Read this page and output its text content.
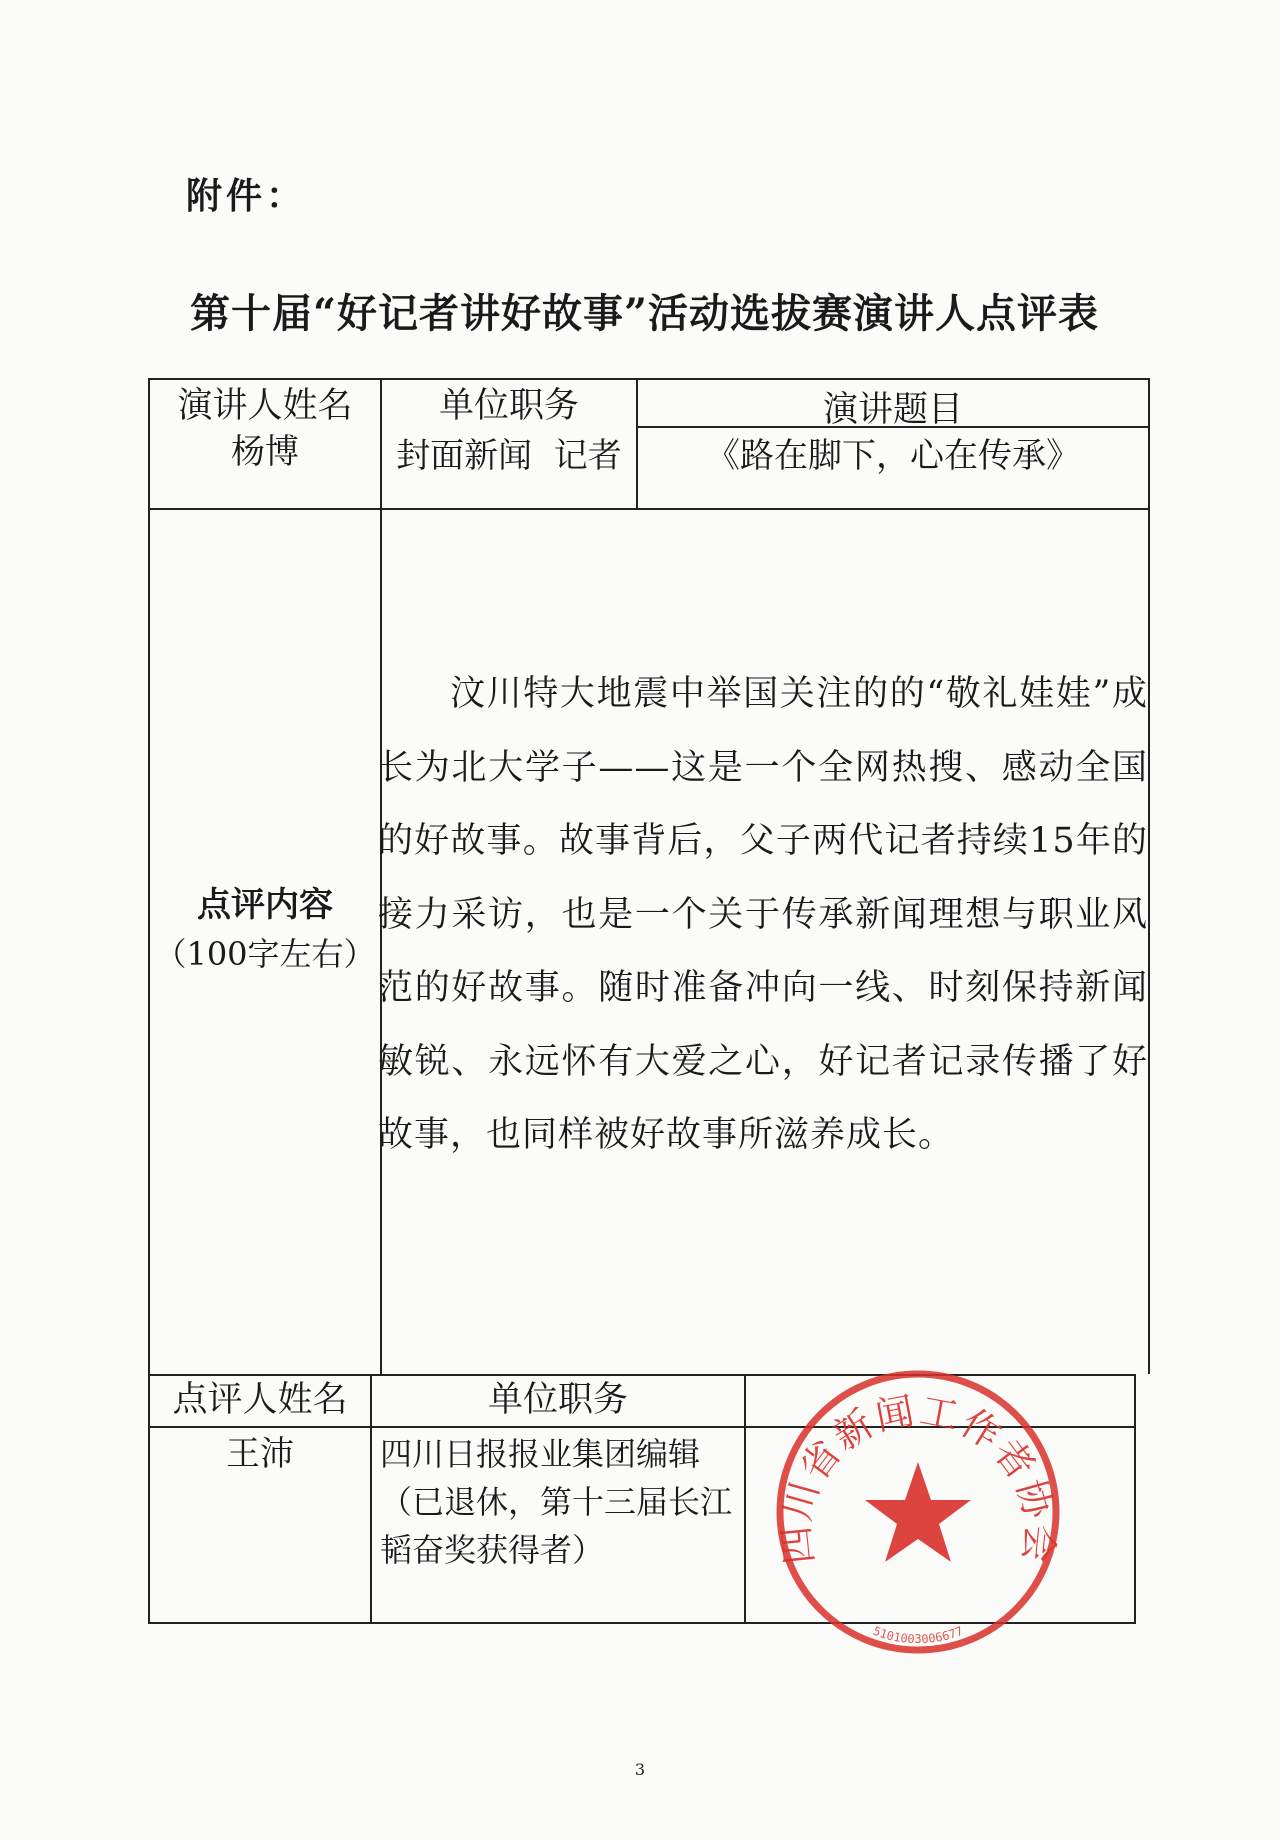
附件：
第十届“好记者讲好故事”活动选拔赛演讲人点评表
演讲人姓名	单位职务	演讲题目
杨博	封面新闻  记者	《路在脚下，心在传承》
点评内容
（100字左右）
汶川特大地震中举国关注的的“敬礼娃娃”成长为北大学子——这是一个全网热搜、感动全国的好故事。故事背后，父子两代记者持续15年的接力采访，也是一个关于传承新闻理想与职业风范的好故事。随时准备冲向一线、时刻保持新闻敏锐、永远怀有大爱之心，好记者记录传播了好故事，也同样被好故事所滋养成长。
点评人姓名	单位职务
王沛	四川日报报业集团编辑（已退休，第十三届长江韬奋奖获得者）	四川省新闻工作者协会
5101003006677
3
